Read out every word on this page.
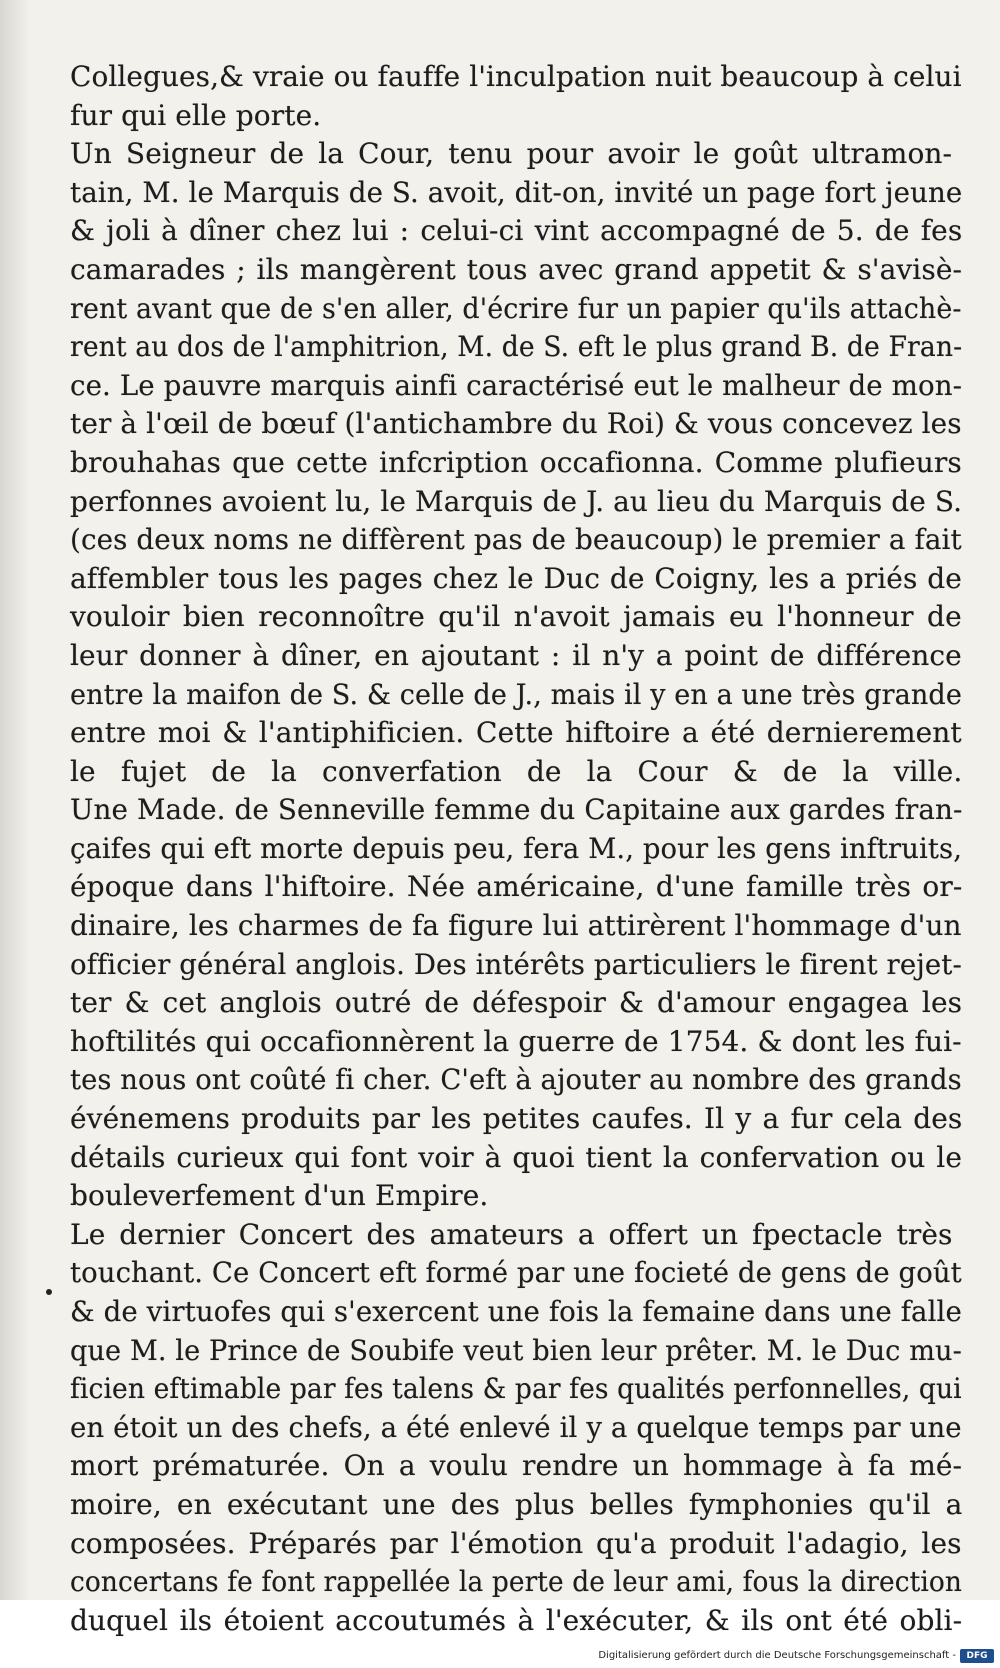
Collegues,& vraie ou fauffe l'inculpation nuit beaucoup à celui
fur qui elle porte.
Un Seigneur de la Cour, tenu pour avoir le goût ultramon-
tain, M. le Marquis de S. avoit, dit-on, invité un page fort jeune
& joli à dîner chez lui : celui-ci vint accompagné de 5. de fes
camarades ; ils mangèrent tous avec grand appetit & s'avisè-
rent avant que de s'en aller, d'écrire fur un papier qu'ils attachè-
rent au dos de l'amphitrion, M. de S. eft le plus grand B. de Fran-
ce. Le pauvre marquis ainfi caractérisé eut le malheur de mon-
ter à l'œil de bœuf (l'antichambre du Roi) & vous concevez les
brouhahas que cette infcription occafionna. Comme plufieurs
perfonnes avoient lu, le Marquis de J. au lieu du Marquis de S.
(ces deux noms ne diffèrent pas de beaucoup) le premier a fait
affembler tous les pages chez le Duc de Coigny, les a priés de
vouloir bien reconnoître qu'il n'avoit jamais eu l'honneur de
leur donner à dîner, en ajoutant : il n'y a point de différence
entre la maifon de S. & celle de J., mais il y en a une très grande
entre moi & l'antiphificien. Cette hiftoire a été dernierement
le fujet de la converfation de la Cour & de la ville.
Une Made. de Senneville femme du Capitaine aux gardes fran-
çaifes qui eft morte depuis peu, fera M., pour les gens inftruits,
époque dans l'hiftoire. Née américaine, d'une famille très or-
dinaire, les charmes de fa figure lui attirèrent l'hommage d'un
officier général anglois. Des intérêts particuliers le firent rejet-
ter & cet anglois outré de défespoir & d'amour engagea les
hoftilités qui occafionnèrent la guerre de 1754. & dont les fui-
tes nous ont coûté fi cher. C'eft à ajouter au nombre des grands
événemens produits par les petites caufes. Il y a fur cela des
détails curieux qui font voir à quoi tient la confervation ou le
bouleverfement d'un Empire.
Le dernier Concert des amateurs a offert un fpectacle très
touchant. Ce Concert eft formé par une focieté de gens de goût
& de virtuofes qui s'exercent une fois la femaine dans une falle
que M. le Prince de Soubife veut bien leur prêter. M. le Duc mu-
ficien eftimable par fes talens & par fes qualités perfonnelles, qui
en étoit un des chefs, a été enlevé il y a quelque temps par une
mort prématurée. On a voulu rendre un hommage à fa mé-
moire, en exécutant une des plus belles fymphonies qu'il a
composées. Préparés par l'émotion qu'a produit l'adagio, les
concertans fe font rappellée la perte de leur ami, fous la direction
duquel ils étoient accoutumés à l'exécuter, & ils ont été obli-
Digitalisierung gefördert durch die Deutsche Forschungsgemeinschaft -	DFG
